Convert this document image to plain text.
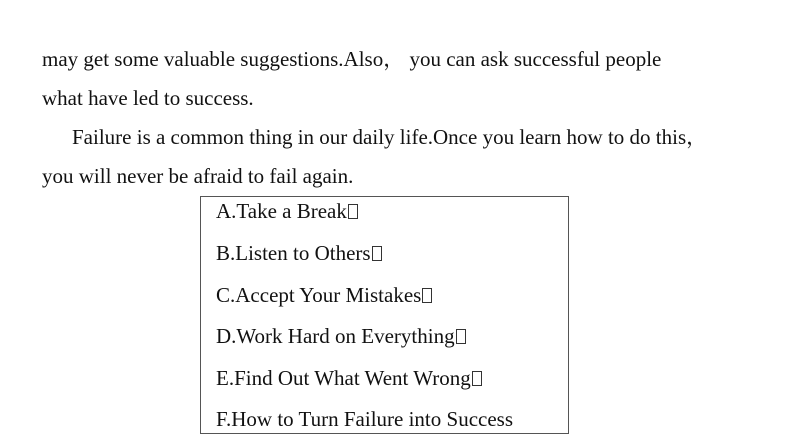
may get some valuable suggestions.Also， you can ask successful people
what have led to success.
Failure is a common thing in our daily life.Once you learn how to do this，
you will never be afraid to fail again.
A.Take a Break
B.Listen to Others
C.Accept Your Mistakes
D.Work Hard on Everything
E.Find Out What Went Wrong
F.How to Turn Failure into Success
